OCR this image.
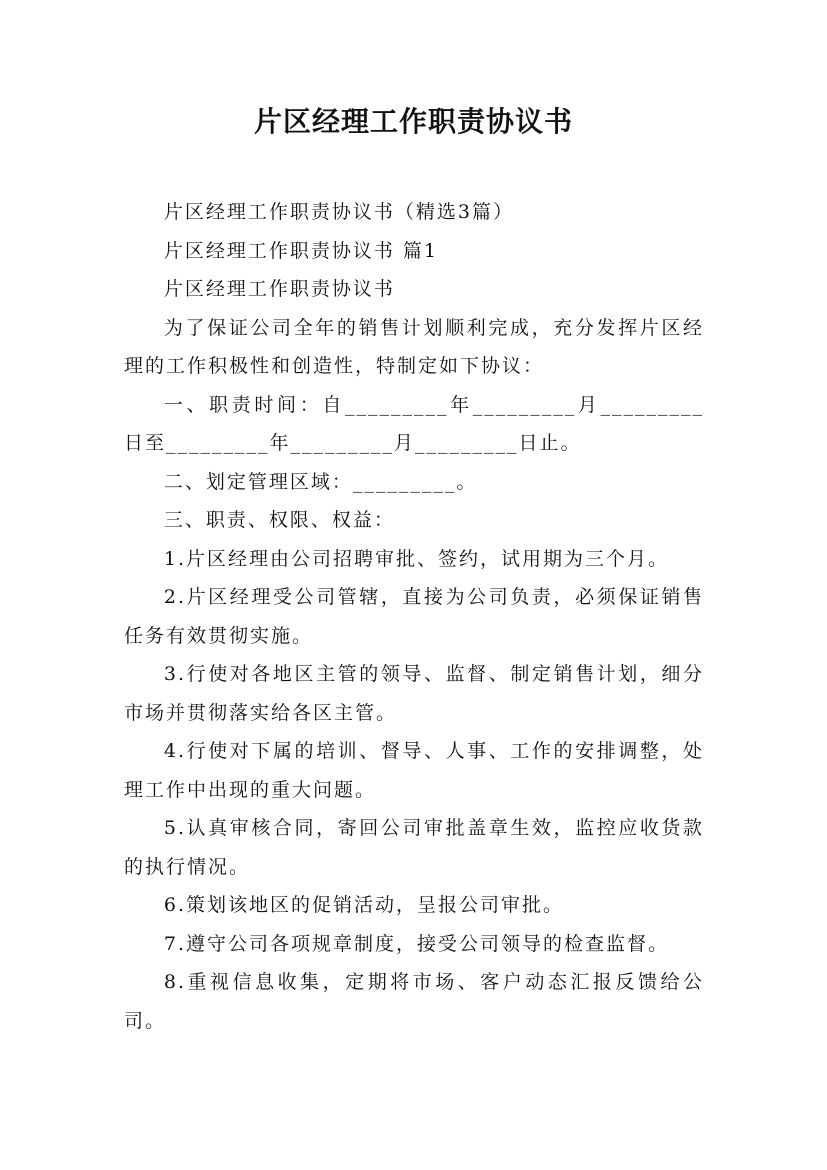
片区经理工作职责协议书

片区经理工作职责协议书（精选3篇）

片区经理工作职责协议书 篇1

片区经理工作职责协议书

为了保证公司全年的销售计划顺利完成，充分发挥片区经理的工作积极性和创造性，特制定如下协议：

一、职责时间：自_________年_________月_________日至_________年_________月_________日止。

二、划定管理区域：_________。

三、职责、权限、权益：

1.片区经理由公司招聘审批、签约，试用期为三个月。

2.片区经理受公司管辖，直接为公司负责，必须保证销售任务有效贯彻实施。

3.行使对各地区主管的领导、监督、制定销售计划，细分市场并贯彻落实给各区主管。

4.行使对下属的培训、督导、人事、工作的安排调整，处理工作中出现的重大问题。

5.认真审核合同，寄回公司审批盖章生效，监控应收货款的执行情况。

6.策划该地区的促销活动，呈报公司审批。

7.遵守公司各项规章制度，接受公司领导的检查监督。

8.重视信息收集，定期将市场、客户动态汇报反馈给公司。
